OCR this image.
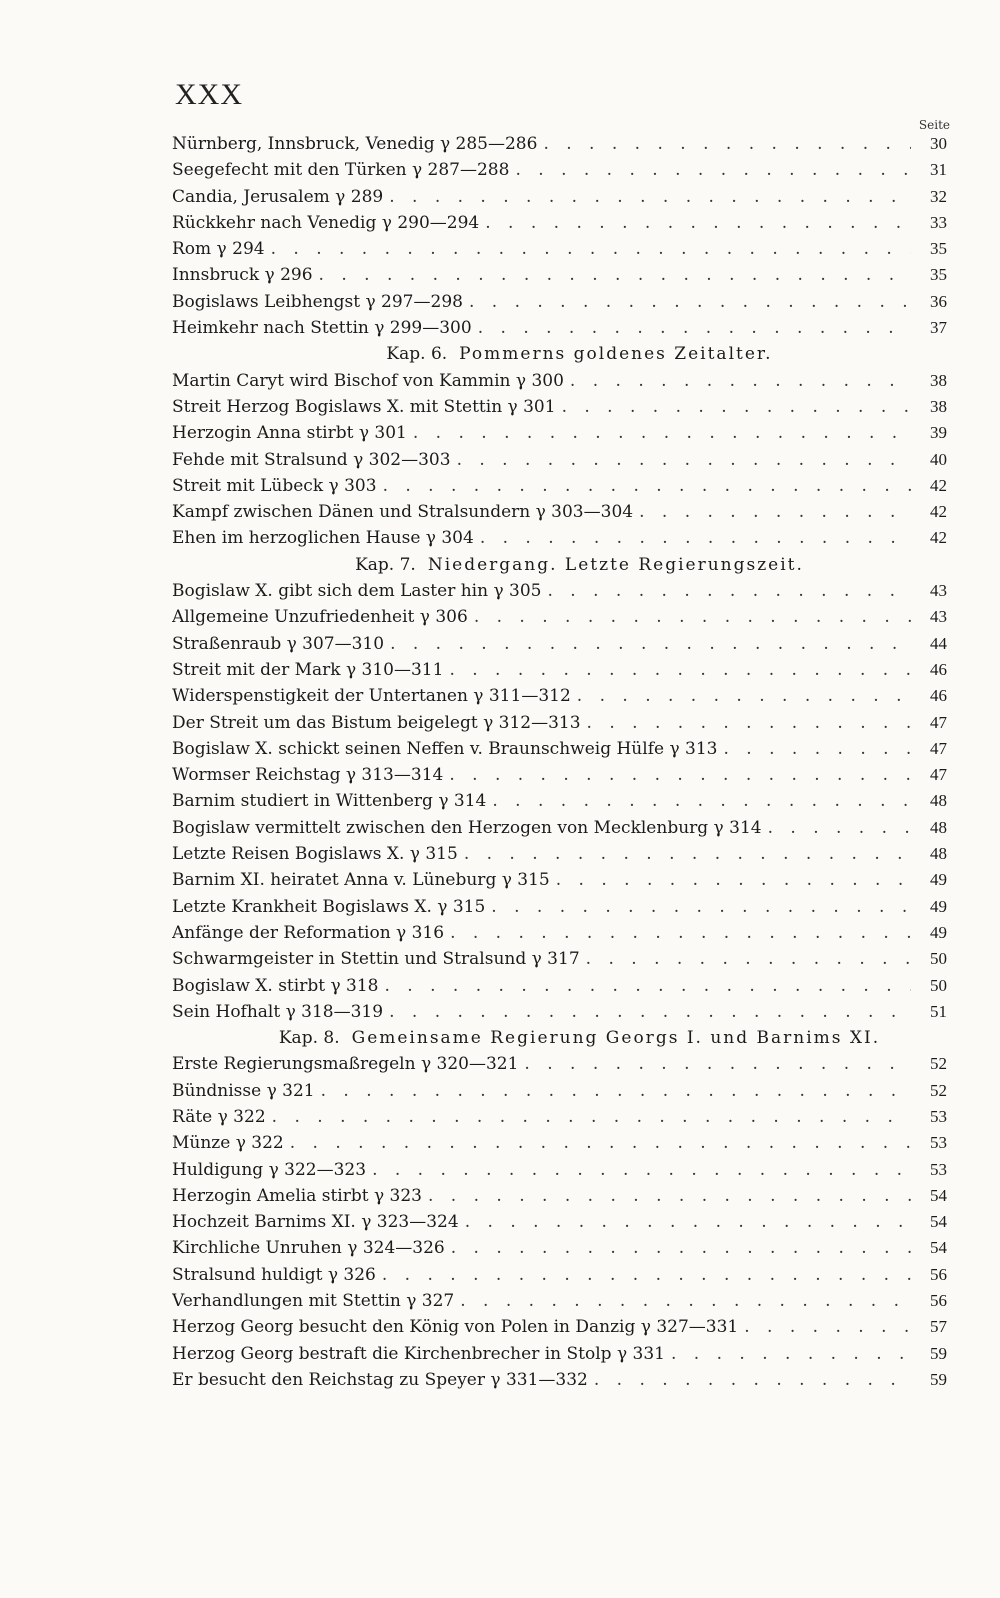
XXX
Seite
Nürnberg, Innsbruck, Venedig γ 285—286 . . .	30
Seegefecht mit den Türken γ 287—288 . . .	31
Candia, Jerusalem γ 289 . . .	32
Rückkehr nach Venedig γ 290—294 . . .	33
Rom γ 294 . . .	35
Innsbruck γ 296 . . .	35
Bogislaws Leibhengst γ 297—298 . . .	36
Heimkehr nach Stettin γ 299—300 . . .	37
Kap. 6. Pommerns goldenes Zeitalter.
Martin Caryt wird Bischof von Kammin γ 300 . . .	38
Streit Herzog Bogislaws X. mit Stettin γ 301 . . .	38
Herzogin Anna stirbt γ 301 . . .	39
Fehde mit Stralsund γ 302—303 . . .	40
Streit mit Lübeck γ 303 . . .	42
Kampf zwischen Dänen und Stralsundern γ 303—304 . . .	42
Ehen im herzoglichen Hause γ 304 . . .	42
Kap. 7. Niedergang. Letzte Regierungszeit.
Bogislaw X. gibt sich dem Laster hin γ 305 . . .	43
Allgemeine Unzufriedenheit γ 306 . . .	43
Straßenraub γ 307—310 . . .	44
Streit mit der Mark γ 310—311 . . .	46
Widerspenstigkeit der Untertanen γ 311—312 . . .	46
Der Streit um das Bistum beigelegt γ 312—313 . . .	47
Bogislaw X. schickt seinen Neffen v. Braunschweig Hülfe γ 313 . . .	47
Wormser Reichstag γ 313—314 . . .	47
Barnim studiert in Wittenberg γ 314 . . .	48
Bogislaw vermittelt zwischen den Herzogen von Mecklenburg γ 314 . . .	48
Letzte Reisen Bogislaws X. γ 315 . . .	48
Barnim XI. heiratet Anna v. Lüneburg γ 315 . . .	49
Letzte Krankheit Bogislaws X. γ 315 . . .	49
Anfänge der Reformation γ 316 . . .	49
Schwarmgeister in Stettin und Stralsund γ 317 . . .	50
Bogislaw X. stirbt γ 318 . . .	50
Sein Hofhalt γ 318—319 . . .	51
Kap. 8. Gemeinsame Regierung Georgs I. und Barnims XI.
Erste Regierungsmaßregeln γ 320—321 . . .	52
Bündnisse γ 321 . . .	52
Räte γ 322 . . .	53
Münze γ 322 . . .	53
Huldigung γ 322—323 . . .	53
Herzogin Amelia stirbt γ 323 . . .	54
Hochzeit Barnims XI. γ 323—324 . . .	54
Kirchliche Unruhen γ 324—326 . . .	54
Stralsund huldigt γ 326 . . .	56
Verhandlungen mit Stettin γ 327 . . .	56
Herzog Georg besucht den König von Polen in Danzig γ 327—331 . . .	57
Herzog Georg bestraft die Kirchenbrecher in Stolp γ 331 . . .	59
Er besucht den Reichstag zu Speyer γ 331—332 . . .	59
